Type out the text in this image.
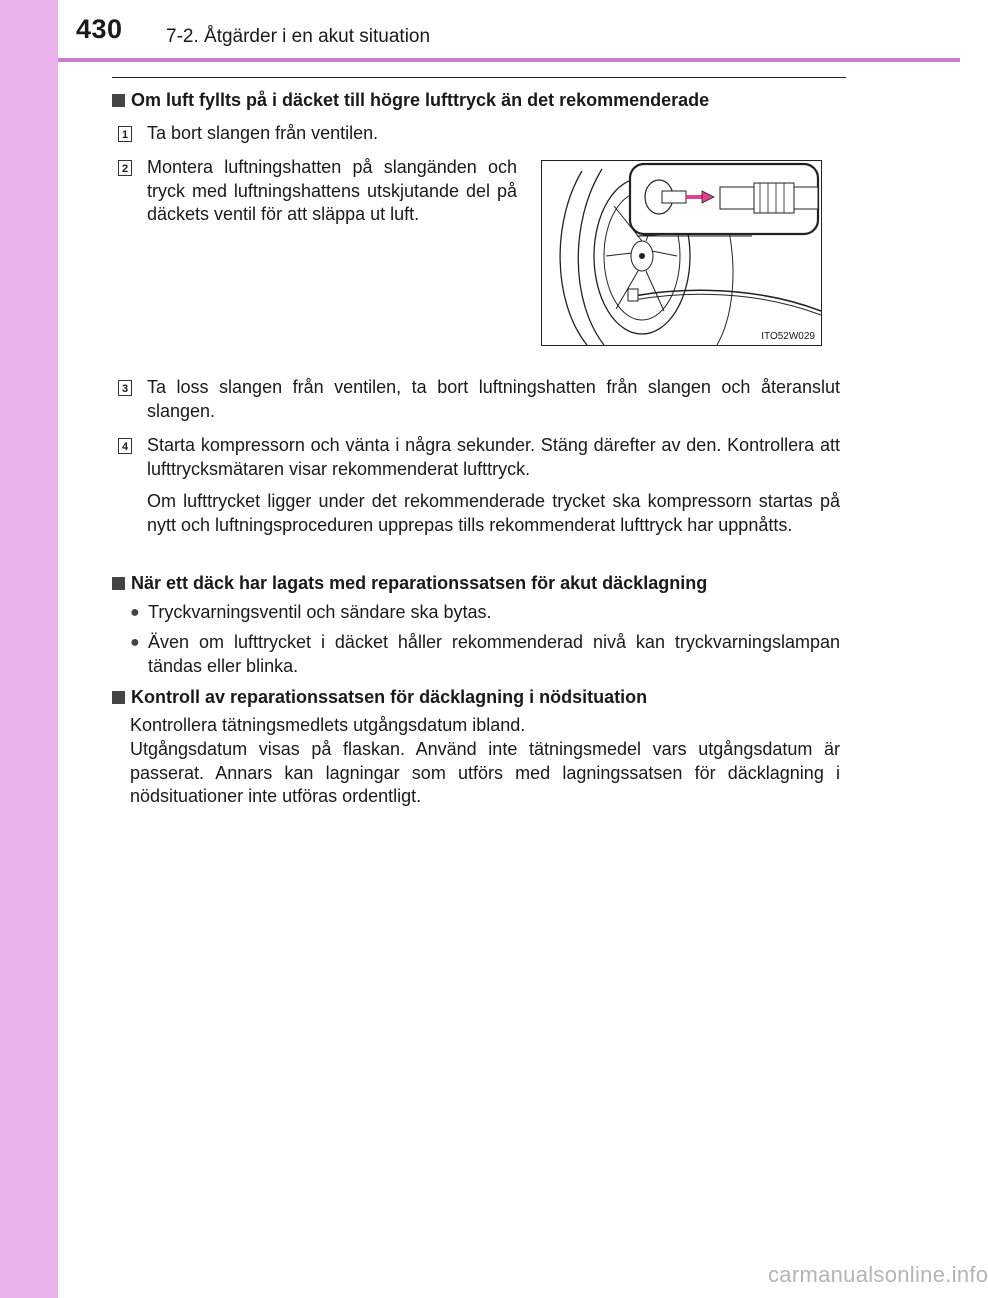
430 7-2. Åtgärder i en akut situation
Om luft fyllts på i däcket till högre lufttryck än det rekommenderade
1 Ta bort slangen från ventilen.
2 Montera luftningshatten på slangänden och tryck med luftningshattens utskjutande del på däckets ventil för att släppa ut luft.
ITO52W029
3 Ta loss slangen från ventilen, ta bort luftningshatten från slangen och återanslut slangen.
4 Starta kompressorn och vänta i några sekunder. Stäng därefter av den. Kontrollera att lufttrycksmätaren visar rekommenderat lufttryck.
Om lufttrycket ligger under det rekommenderade trycket ska kompressorn startas på nytt och luftningsproceduren upprepas tills rekommenderat lufttryck har uppnåtts.
När ett däck har lagats med reparationssatsen för akut däcklagning
● Tryckvarningsventil och sändare ska bytas.
● Även om lufttrycket i däcket håller rekommenderad nivå kan tryckvarningslampan tändas eller blinka.
Kontroll av reparationssatsen för däcklagning i nödsituation
Kontrollera tätningsmedlets utgångsdatum ibland.
Utgångsdatum visas på flaskan. Använd inte tätningsmedel vars utgångsdatum är passerat. Annars kan lagningar som utförs med lagningssatsen för däcklagning i nödsituationer inte utföras ordentligt.
carmanualsonline.info
